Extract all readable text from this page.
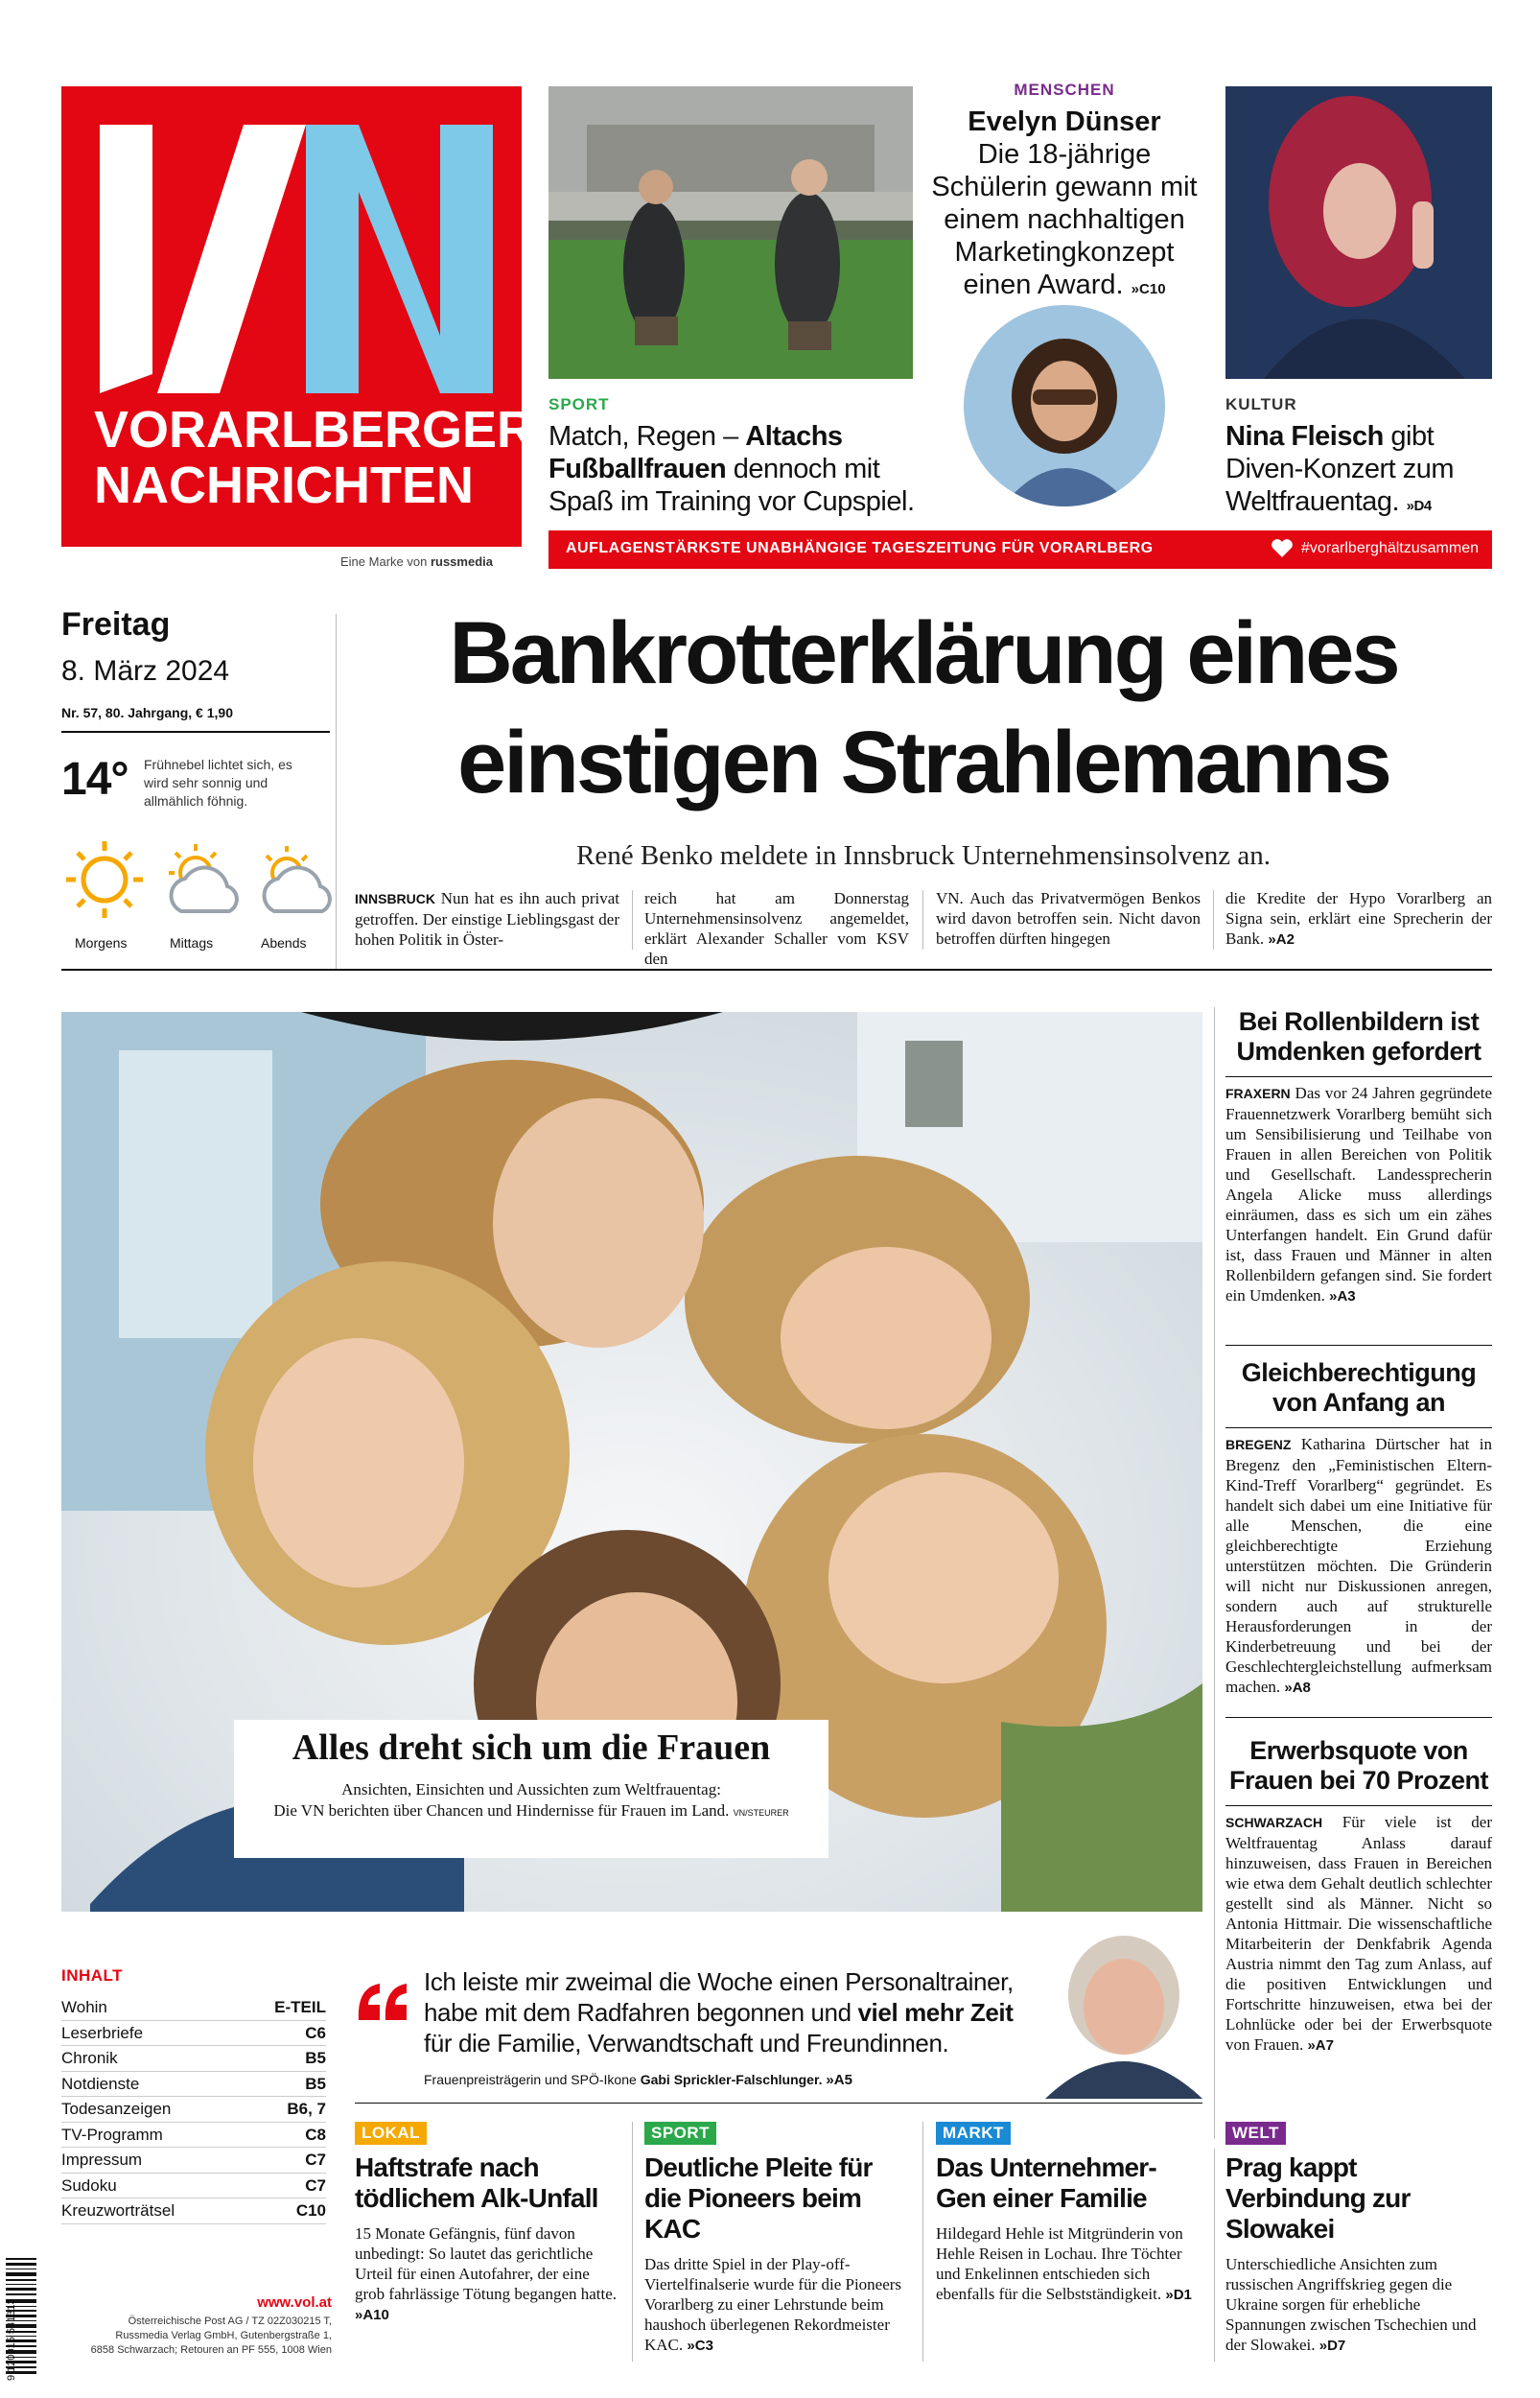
VORARLBERGER
NACHRICHTEN
Eine Marke von russmedia
SPORT
Match, Regen – Altachs Fußballfrauen dennoch mit Spaß im Training vor Cupspiel.
MENSCHEN
Evelyn Dünser
Die 18-jährige Schülerin gewann mit einem nachhaltigen Marketingkonzept einen Award. »C10
KULTUR
Nina Fleisch gibt Diven-Konzert zum Weltfrauentag. »D4
AUFLAGENSTÄRKSTE UNABHÄNGIGE TAGESZEITUNG FÜR VORARLBERG	#vorarlberghältzusammen
Freitag
8. März 2024
Nr. 57, 80. Jahrgang, € 1,90
14° Frühnebel lichtet sich, es wird sehr sonnig und allmählich föhnig.
Morgens	Mittags	Abends
Bankrotterklärung eines
einstigen Strahlemanns
René Benko meldete in Innsbruck Unternehmensinsolvenz an.
INNSBRUCK Nun hat es ihn auch privat getroffen. Der einstige Lieblingsgast der hohen Politik in Öster-
reich hat am Donnerstag Unternehmensinsolvenz angemeldet, erklärt Alexander Schaller vom KSV den
VN. Auch das Privatvermögen Benkos wird davon betroffen sein. Nicht davon betroffen dürften hingegen
die Kredite der Hypo Vorarlberg an Signa sein, erklärt eine Sprecherin der Bank. »A2
Alles dreht sich um die Frauen
Ansichten, Einsichten und Aussichten zum Weltfrauentag:
Die VN berichten über Chancen und Hindernisse für Frauen im Land. VN/STEURER
Bei Rollenbildern ist Umdenken gefordert
FRAXERN Das vor 24 Jahren gegründete Frauennetzwerk Vorarlberg bemüht sich um Sensibilisierung und Teilhabe von Frauen in allen Bereichen von Politik und Gesellschaft. Landessprecherin Angela Alicke muss allerdings einräumen, dass es sich um ein zähes Unterfangen handelt. Ein Grund dafür ist, dass Frauen und Männer in alten Rollenbildern gefangen sind. Sie fordert ein Umdenken. »A3
Gleichberechtigung von Anfang an
BREGENZ Katharina Dürtscher hat in Bregenz den „Feministischen Eltern-Kind-Treff Vorarlberg“ gegründet. Es handelt sich dabei um eine Initiative für alle Menschen, die eine gleichberechtigte Erziehung unterstützen möchten. Die Gründerin will nicht nur Diskussionen anregen, sondern auch auf strukturelle Herausforderungen in der Kinderbetreuung und bei der Geschlechtergleichstellung aufmerksam machen. »A8
Erwerbsquote von Frauen bei 70 Prozent
SCHWARZACH Für viele ist der Weltfrauentag Anlass darauf hinzuweisen, dass Frauen in Bereichen wie etwa dem Gehalt deutlich schlechter gestellt sind als Männer. Nicht so Antonia Hittmair. Die wissenschaftliche Mitarbeiterin der Denkfabrik Agenda Austria nimmt den Tag zum Anlass, auf die positiven Entwicklungen und Fortschritte hinzuweisen, etwa bei der Lohnlücke oder bei der Erwerbsquote von Frauen. »A7
INHALT
Wohin	E-TEIL
Leserbriefe	C6
Chronik	B5
Notdienste	B5
Todesanzeigen	B6, 7
TV-Programm	C8
Impressum	C7
Sudoku	C7
Kreuzworträtsel	C10
Ich leiste mir zweimal die Woche einen Personaltrainer, habe mit dem Radfahren begonnen und viel mehr Zeit für die Familie, Verwandtschaft und Freundinnen.
Frauenpreisträgerin und SPÖ-Ikone Gabi Sprickler-Falschlunger. »A5
LOKAL
Haftstrafe nach tödlichem Alk-Unfall
15 Monate Gefängnis, fünf davon unbedingt: So lautet das gerichtliche Urteil für einen Autofahrer, der eine grob fahrlässige Tötung begangen hatte. »A10
SPORT
Deutliche Pleite für die Pioneers beim KAC
Das dritte Spiel in der Play-off-Viertelfinalserie wurde für die Pioneers Vorarlberg zu einer Lehrstunde beim haushoch überlegenen Rekordmeister KAC. »C3
MARKT
Das Unternehmer-Gen einer Familie
Hildegard Hehle ist Mitgründerin von Hehle Reisen in Lochau. Ihre Töchter und Enkelinnen entschieden sich ebenfalls für die Selbstständigkeit. »D1
WELT
Prag kappt Verbindung zur Slowakei
Unterschiedliche Ansichten zum russischen Angriffskrieg gegen die Ukraine sorgen für erhebliche Spannungen zwischen Tschechien und der Slowakei. »D7
9 120015 541313	www.vol.at
Österreichische Post AG / TZ 02Z030215 T,
Russmedia Verlag GmbH, Gutenbergstraße 1,
6858 Schwarzach; Retouren an PF 555, 1008 Wien
